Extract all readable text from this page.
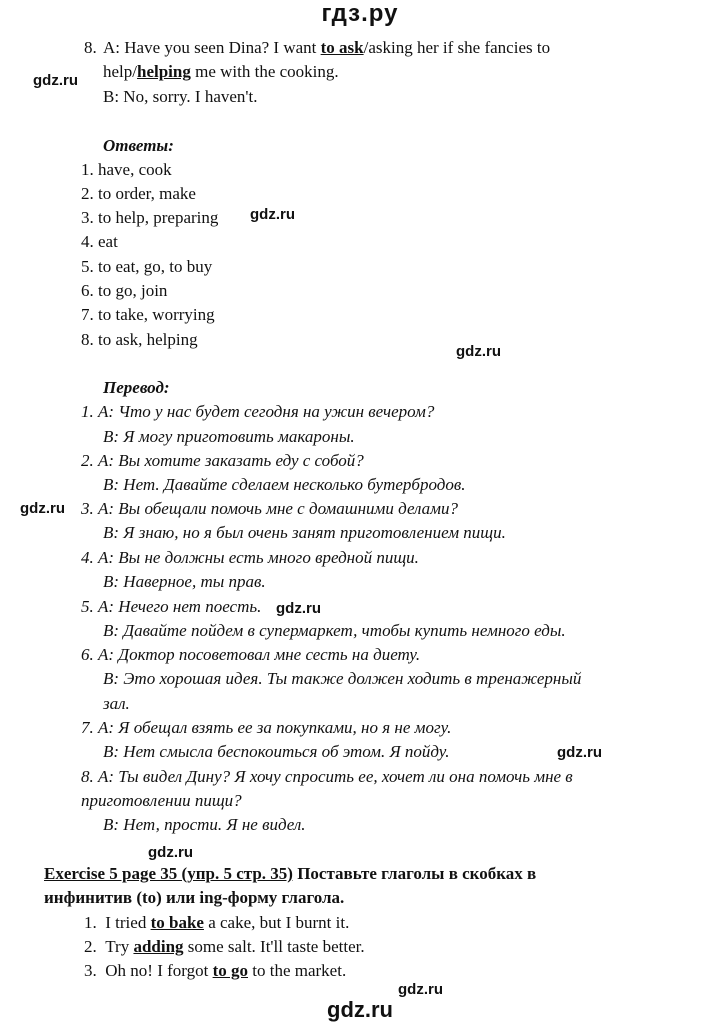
гдз.ру
8. A: Have you seen Dina? I want to ask/asking her if she fancies to
help/helping me with the cooking.
B: No, sorry. I haven't.
Ответы:
1. have, cook
2. to order, make
3. to help, preparing
4. eat
5. to eat, go, to buy
6. to go, join
7. to take, worrying
8. to ask, helping
Перевод:
1. А: Что у нас будет сегодня на ужин вечером?
В: Я могу приготовить макароны.
2. А: Вы хотите заказать еду с собой?
В: Нет. Давайте сделаем несколько бутербродов.
3. А: Вы обещали помочь мне с домашними делами?
В: Я знаю, но я был очень занят приготовлением пищи.
4. А: Вы не должны есть много вредной пищи.
В: Наверное, ты прав.
5. А: Нечего нет поесть.
В: Давайте пойдем в супермаркет, чтобы купить немного еды.
6. А: Доктор посоветовал мне сесть на диету.
В: Это хорошая идея. Ты также должен ходить в тренажерный
зал.
7. А: Я обещал взять ее за покупками, но я не могу.
В: Нет смысла беспокоиться об этом. Я пойду.
8. А: Ты видел Дину? Я хочу спросить ее, хочет ли она помочь мне в
приготовлении пищи?
В: Нет, прости. Я не видел.
Exercise 5 page 35 (упр. 5 стр. 35) Поставьте глаголы в скобках в
инфинитив (to) или ing-форму глагола.
1. I tried to bake a cake, but I burnt it.
2. Try adding some salt. It'll taste better.
3. Oh no! I forgot to go to the market.
gdz.ru
gdz.ru
gdz.ru
gdz.ru
gdz.ru
gdz.ru
gdz.ru
gdz.ru
gdz.ru
